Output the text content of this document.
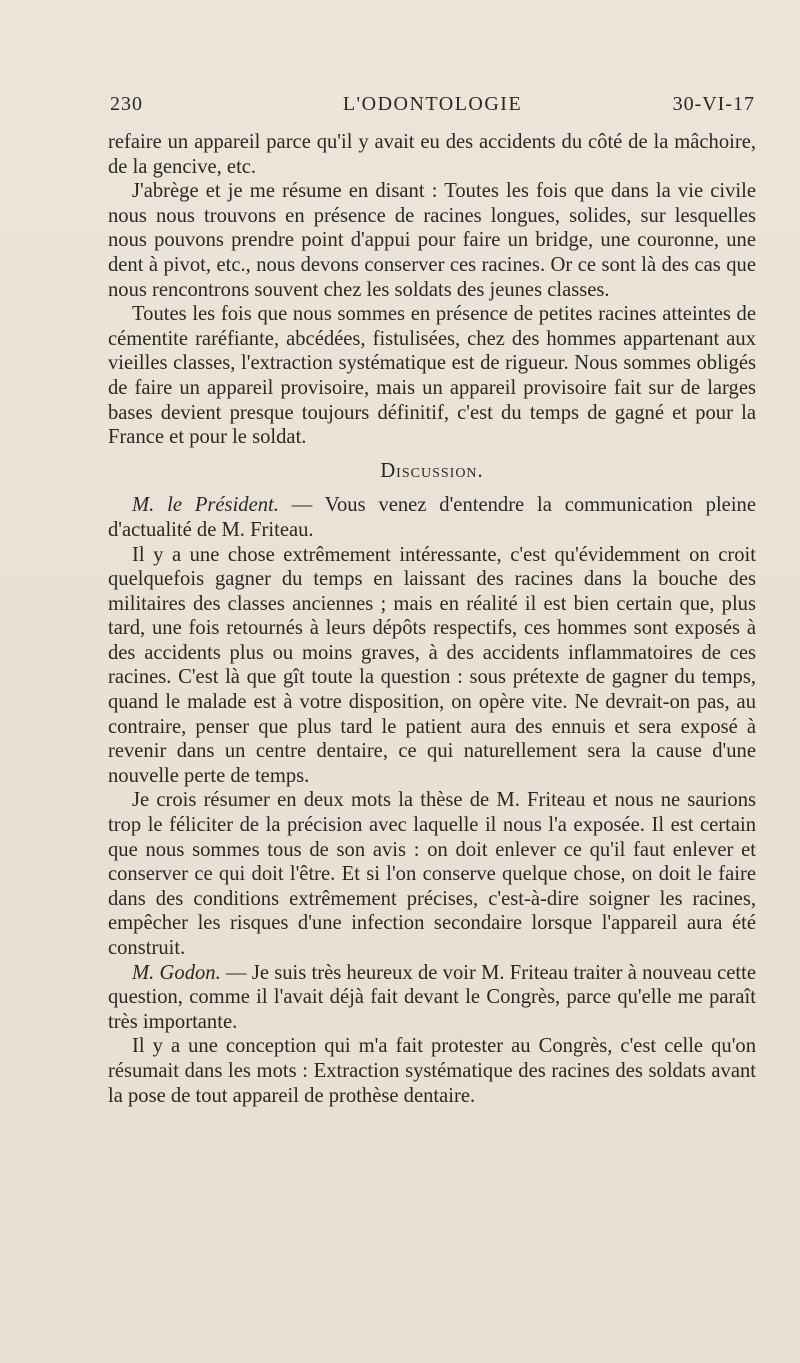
230	L'ODONTOLOGIE	30-VI-17

refaire un appareil parce qu'il y avait eu des accidents du côté de la mâchoire, de la gencive, etc.

J'abrège et je me résume en disant : Toutes les fois que dans la vie civile nous nous trouvons en présence de racines longues, solides, sur lesquelles nous pouvons prendre point d'appui pour faire un bridge, une couronne, une dent à pivot, etc., nous devons conserver ces racines. Or ce sont là des cas que nous rencontrons souvent chez les soldats des jeunes classes.

Toutes les fois que nous sommes en présence de petites racines atteintes de cémentite raréfiante, abcédées, fistulisées, chez des hommes appartenant aux vieilles classes, l'extraction systématique est de rigueur. Nous sommes obligés de faire un appareil provisoire, mais un appareil provisoire fait sur de larges bases devient presque toujours définitif, c'est du temps de gagné et pour la France et pour le soldat.

Discussion.

M. le Président. — Vous venez d'entendre la communication pleine d'actualité de M. Friteau.

Il y a une chose extrêmement intéressante, c'est qu'évidemment on croit quelquefois gagner du temps en laissant des racines dans la bouche des militaires des classes anciennes ; mais en réalité il est bien certain que, plus tard, une fois retournés à leurs dépôts respectifs, ces hommes sont exposés à des accidents plus ou moins graves, à des accidents inflammatoires de ces racines. C'est là que gît toute la question : sous prétexte de gagner du temps, quand le malade est à votre disposition, on opère vite. Ne devrait-on pas, au contraire, penser que plus tard le patient aura des ennuis et sera exposé à revenir dans un centre dentaire, ce qui naturellement sera la cause d'une nouvelle perte de temps.

Je crois résumer en deux mots la thèse de M. Friteau et nous ne saurions trop le féliciter de la précision avec laquelle il nous l'a exposée. Il est certain que nous sommes tous de son avis : on doit enlever ce qu'il faut enlever et conserver ce qui doit l'être. Et si l'on conserve quelque chose, on doit le faire dans des conditions extrêmement précises, c'est-à-dire soigner les racines, empêcher les risques d'une infection secondaire lorsque l'appareil aura été construit.

M. Godon. — Je suis très heureux de voir M. Friteau traiter à nouveau cette question, comme il l'avait déjà fait devant le Congrès, parce qu'elle me paraît très importante.

Il y a une conception qui m'a fait protester au Congrès, c'est celle qu'on résumait dans les mots : Extraction systématique des racines des soldats avant la pose de tout appareil de prothèse dentaire.
